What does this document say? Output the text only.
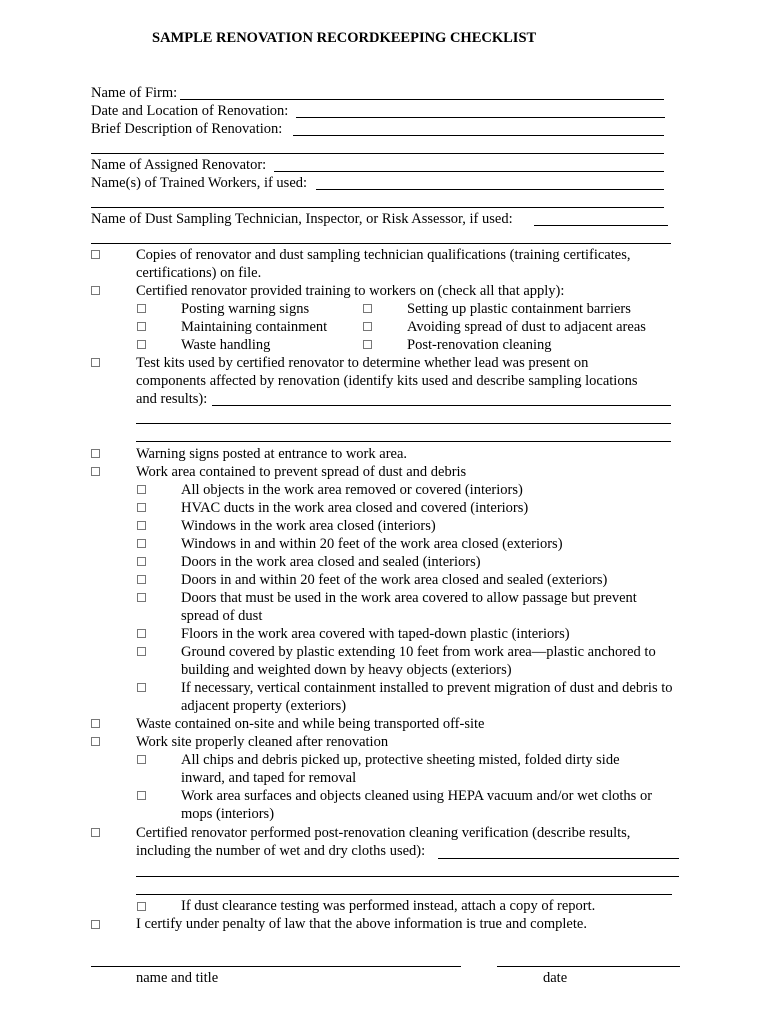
SAMPLE RENOVATION RECORDKEEPING CHECKLIST
Name of Firm:
Date and Location of Renovation:
Brief Description of Renovation:
Name of Assigned Renovator:
Name(s) of Trained Workers, if used:
Name of Dust Sampling Technician, Inspector, or Risk Assessor, if used:
Copies of renovator and dust sampling technician qualifications (training certificates, certifications) on file.
Certified renovator provided training to workers on (check all that apply):
Posting warning signs	Setting up plastic containment barriers
Maintaining containment	Avoiding spread of dust to adjacent areas
Waste handling	Post-renovation cleaning
Test kits used by certified renovator to determine whether lead was present on
components affected by renovation (identify kits used and describe sampling locations
and results):
Warning signs posted at entrance to work area.
Work area contained to prevent spread of dust and debris
All objects in the work area removed or covered (interiors)
HVAC ducts in the work area closed and covered (interiors)
Windows in the work area closed (interiors)
Windows in and within 20 feet of the work area closed (exteriors)
Doors in the work area closed and sealed (interiors)
Doors in and within 20 feet of the work area closed and sealed (exteriors)
Doors that must be used in the work area covered to allow passage but prevent spread of dust
Floors in the work area covered with taped-down plastic (interiors)
Ground covered by plastic extending 10 feet from work area—plastic anchored to building and weighted down by heavy objects (exteriors)
If necessary, vertical containment installed to prevent migration of dust and debris to adjacent property (exteriors)
Waste contained on-site and while being transported off-site
Work site properly cleaned after renovation
All chips and debris picked up, protective sheeting misted, folded dirty side inward, and taped for removal
Work area surfaces and objects cleaned using HEPA vacuum and/or wet cloths or mops (interiors)
Certified renovator performed post-renovation cleaning verification (describe results,
including the number of wet and dry cloths used):
If dust clearance testing was performed instead, attach a copy of report.
I certify under penalty of law that the above information is true and complete.
name and title	date
